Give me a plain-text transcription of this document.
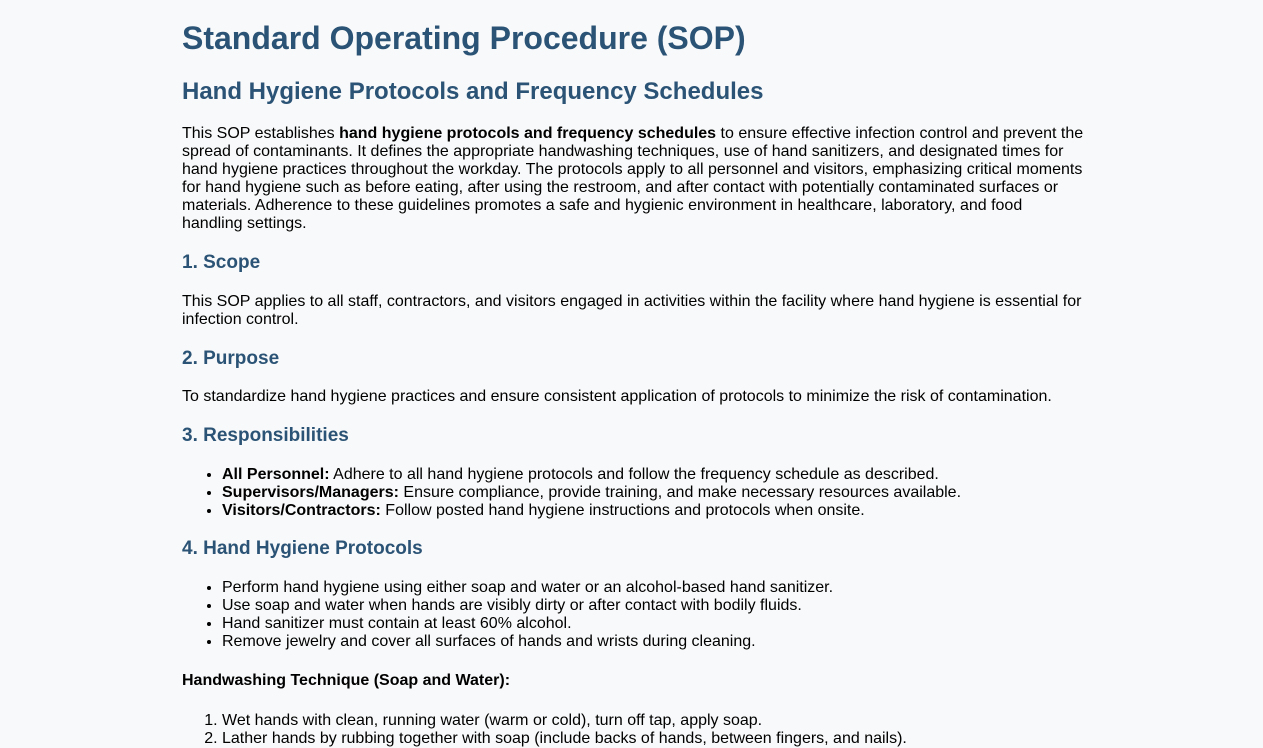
Standard Operating Procedure (SOP)
Hand Hygiene Protocols and Frequency Schedules

This SOP establishes hand hygiene protocols and frequency schedules to ensure effective infection control and prevent the spread of contaminants. It defines the appropriate handwashing techniques, use of hand sanitizers, and designated times for hand hygiene practices throughout the workday. The protocols apply to all personnel and visitors, emphasizing critical moments for hand hygiene such as before eating, after using the restroom, and after contact with potentially contaminated surfaces or materials. Adherence to these guidelines promotes a safe and hygienic environment in healthcare, laboratory, and food handling settings.

1. Scope

This SOP applies to all staff, contractors, and visitors engaged in activities within the facility where hand hygiene is essential for infection control.

2. Purpose

To standardize hand hygiene practices and ensure consistent application of protocols to minimize the risk of contamination.

3. Responsibilities
• All Personnel: Adhere to all hand hygiene protocols and follow the frequency schedule as described.
• Supervisors/Managers: Ensure compliance, provide training, and make necessary resources available.
• Visitors/Contractors: Follow posted hand hygiene instructions and protocols when onsite.
4. Hand Hygiene Protocols
• Perform hand hygiene using either soap and water or an alcohol-based hand sanitizer.
• Use soap and water when hands are visibly dirty or after contact with bodily fluids.
• Hand sanitizer must contain at least 60% alcohol.
• Remove jewelry and cover all surfaces of hands and wrists during cleaning.
Handwashing Technique (Soap and Water):
1. Wet hands with clean, running water (warm or cold), turn off tap, apply soap.
2. Lather hands by rubbing together with soap (include backs of hands, between fingers, and nails).
